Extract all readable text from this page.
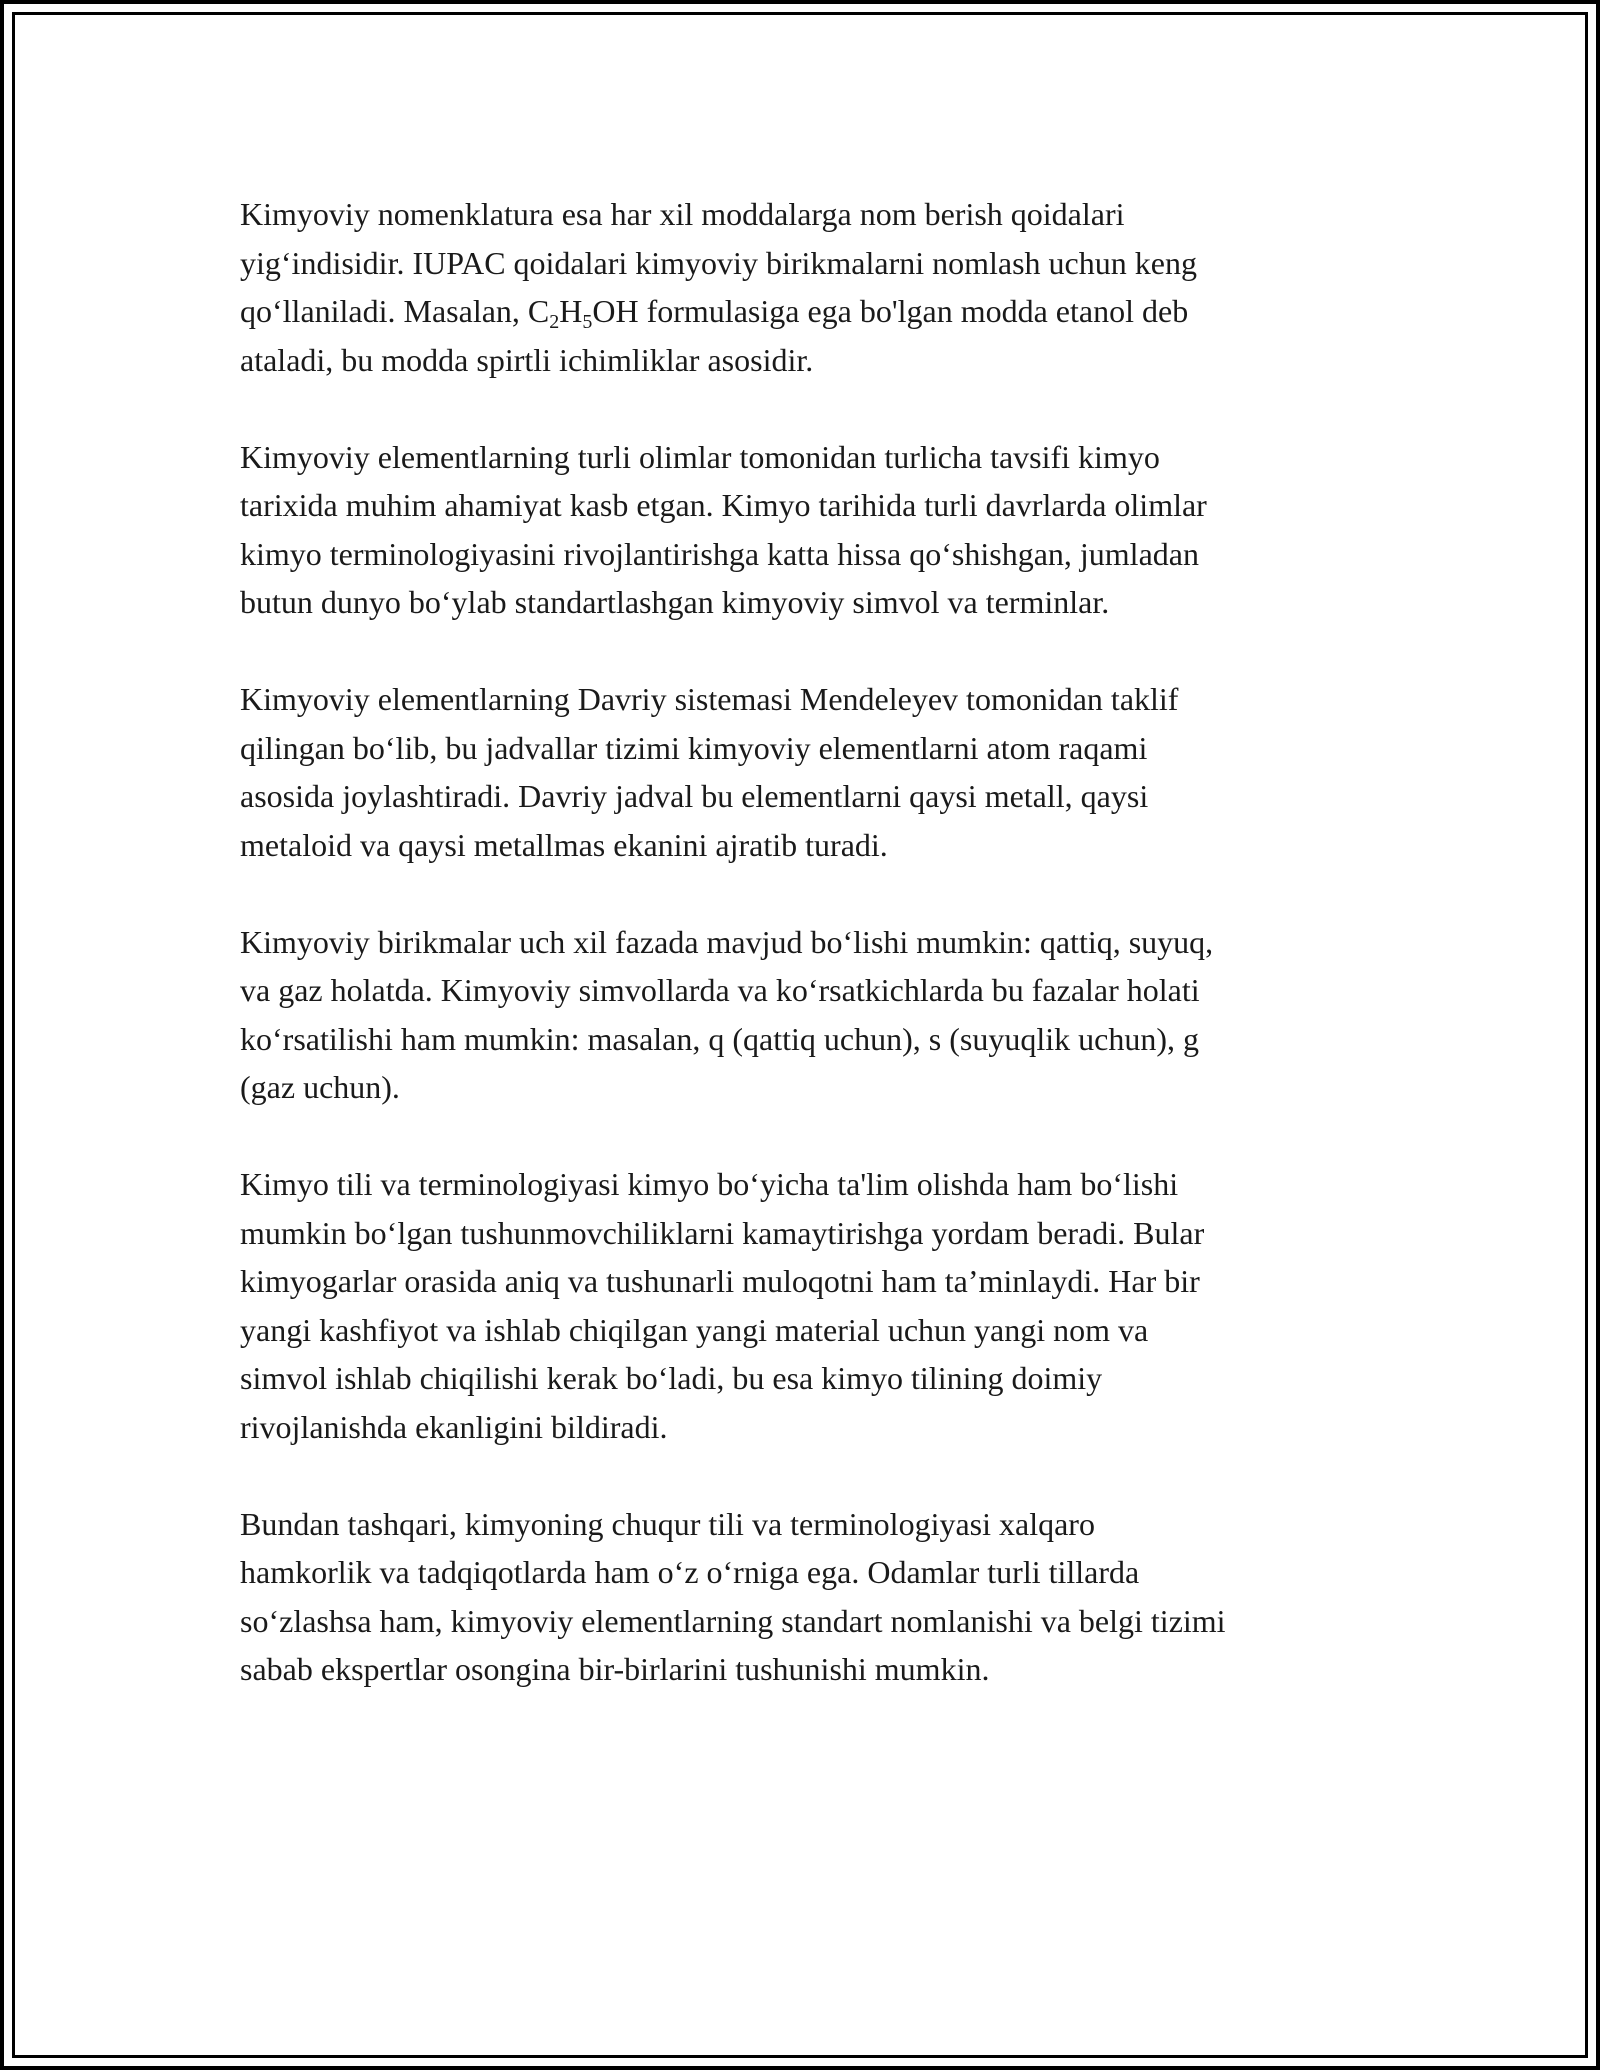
Kimyoviy nomenklatura esa har xil moddalarga nom berish qoidalari
yig‘indisidir. IUPAC qoidalari kimyoviy birikmalarni nomlash uchun keng
qo‘llaniladi. Masalan, $C_2H_5OH$ formulasiga ega bo'lgan modda etanol deb
ataladi, bu modda spirtli ichimliklar asosidir.

Kimyoviy elementlarning turli olimlar tomonidan turlicha tavsifi kimyo
tarixida muhim ahamiyat kasb etgan. Kimyo tarihida turli davrlarda olimlar
kimyo terminologiyasini rivojlantirishga katta hissa qo‘shishgan, jumladan
butun dunyo bo‘ylab standartlashgan kimyoviy simvol va terminlar.

Kimyoviy elementlarning Davriy sistemasi Mendeleyev tomonidan taklif
qilingan bo‘lib, bu jadvallar tizimi kimyoviy elementlarni atom raqami
asosida joylashtiradi. Davriy jadval bu elementlarni qaysi metall, qaysi
metaloid va qaysi metallmas ekanini ajratib turadi.

Kimyoviy birikmalar uch xil fazada mavjud bo‘lishi mumkin: qattiq, suyuq,
va gaz holatda. Kimyoviy simvollarda va ko‘rsatkichlarda bu fazalar holati
ko‘rsatilishi ham mumkin: masalan, q (qattiq uchun), s (suyuqlik uchun), g
(gaz uchun).

Kimyo tili va terminologiyasi kimyo bo‘yicha ta'lim olishda ham bo‘lishi
mumkin bo‘lgan tushunmovchiliklarni kamaytirishga yordam beradi. Bular
kimyogarlar orasida aniq va tushunarli muloqotni ham ta’minlaydi. Har bir
yangi kashfiyot va ishlab chiqilgan yangi material uchun yangi nom va
simvol ishlab chiqilishi kerak bo‘ladi, bu esa kimyo tilining doimiy
rivojlanishda ekanligini bildiradi.

Bundan tashqari, kimyoning chuqur tili va terminologiyasi xalqaro
hamkorlik va tadqiqotlarda ham o‘z o‘rniga ega. Odamlar turli tillarda
so‘zlashsa ham, kimyoviy elementlarning standart nomlanishi va belgi tizimi
sabab ekspertlar osongina bir-birlarini tushunishi mumkin.
